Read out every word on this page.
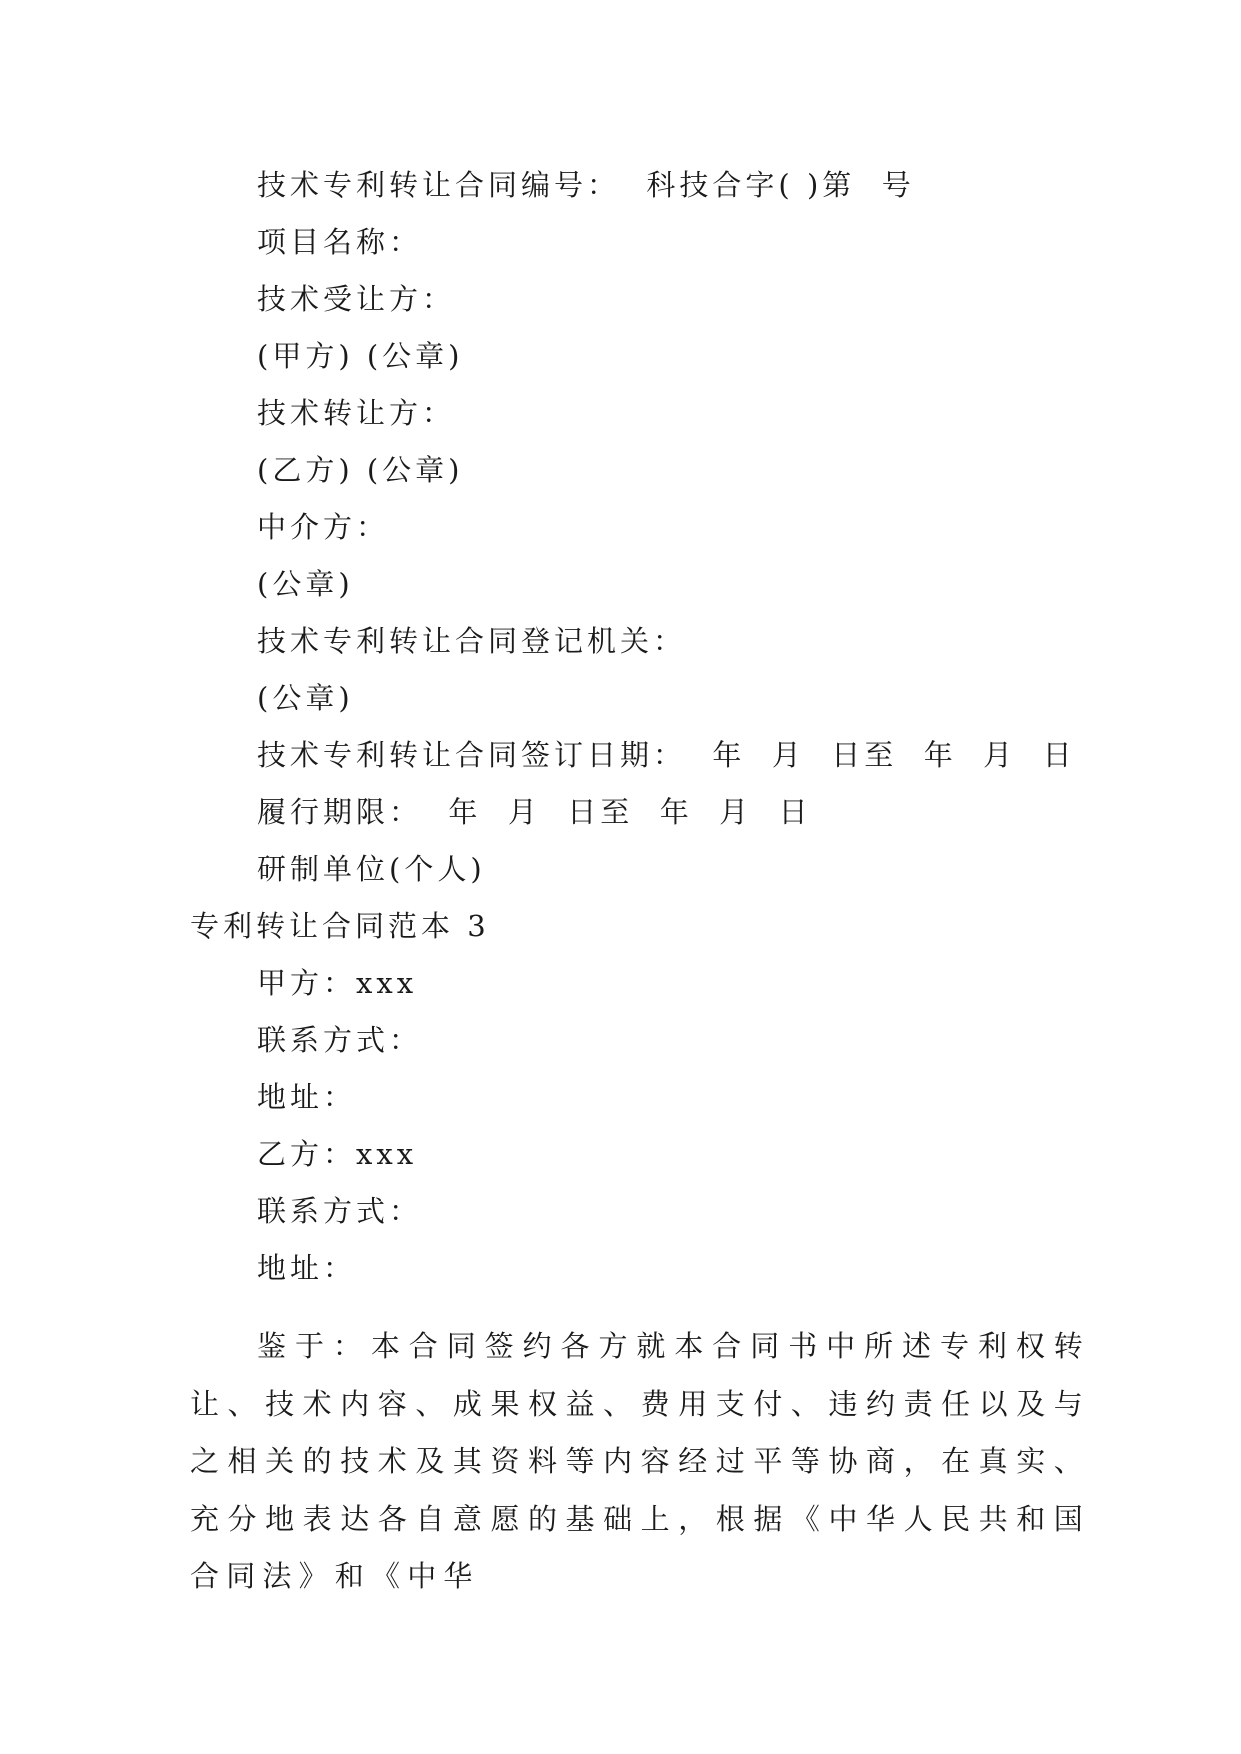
技术专利转让合同编号：  科技合字( )第  号
项目名称：
技术受让方：
(甲方) (公章)
技术转让方：
(乙方) (公章)
中介方：
(公章)
技术专利转让合同登记机关：
(公章)
技术专利转让合同签订日期：  年  月  日至  年  月  日
履行期限：  年  月  日至  年  月  日
研制单位(个人)
专利转让合同范本 3
甲方：xxx
联系方式：
地址：
乙方：xxx
联系方式：
地址：
鉴于：本合同签约各方就本合同书中所述专利权转让、技术内容、成果权益、费用支付、违约责任以及与之相关的技术及其资料等内容经过平等协商，在真实、充分地表达各自意愿的基础上，根据《中华人民共和国合同法》和《中华
